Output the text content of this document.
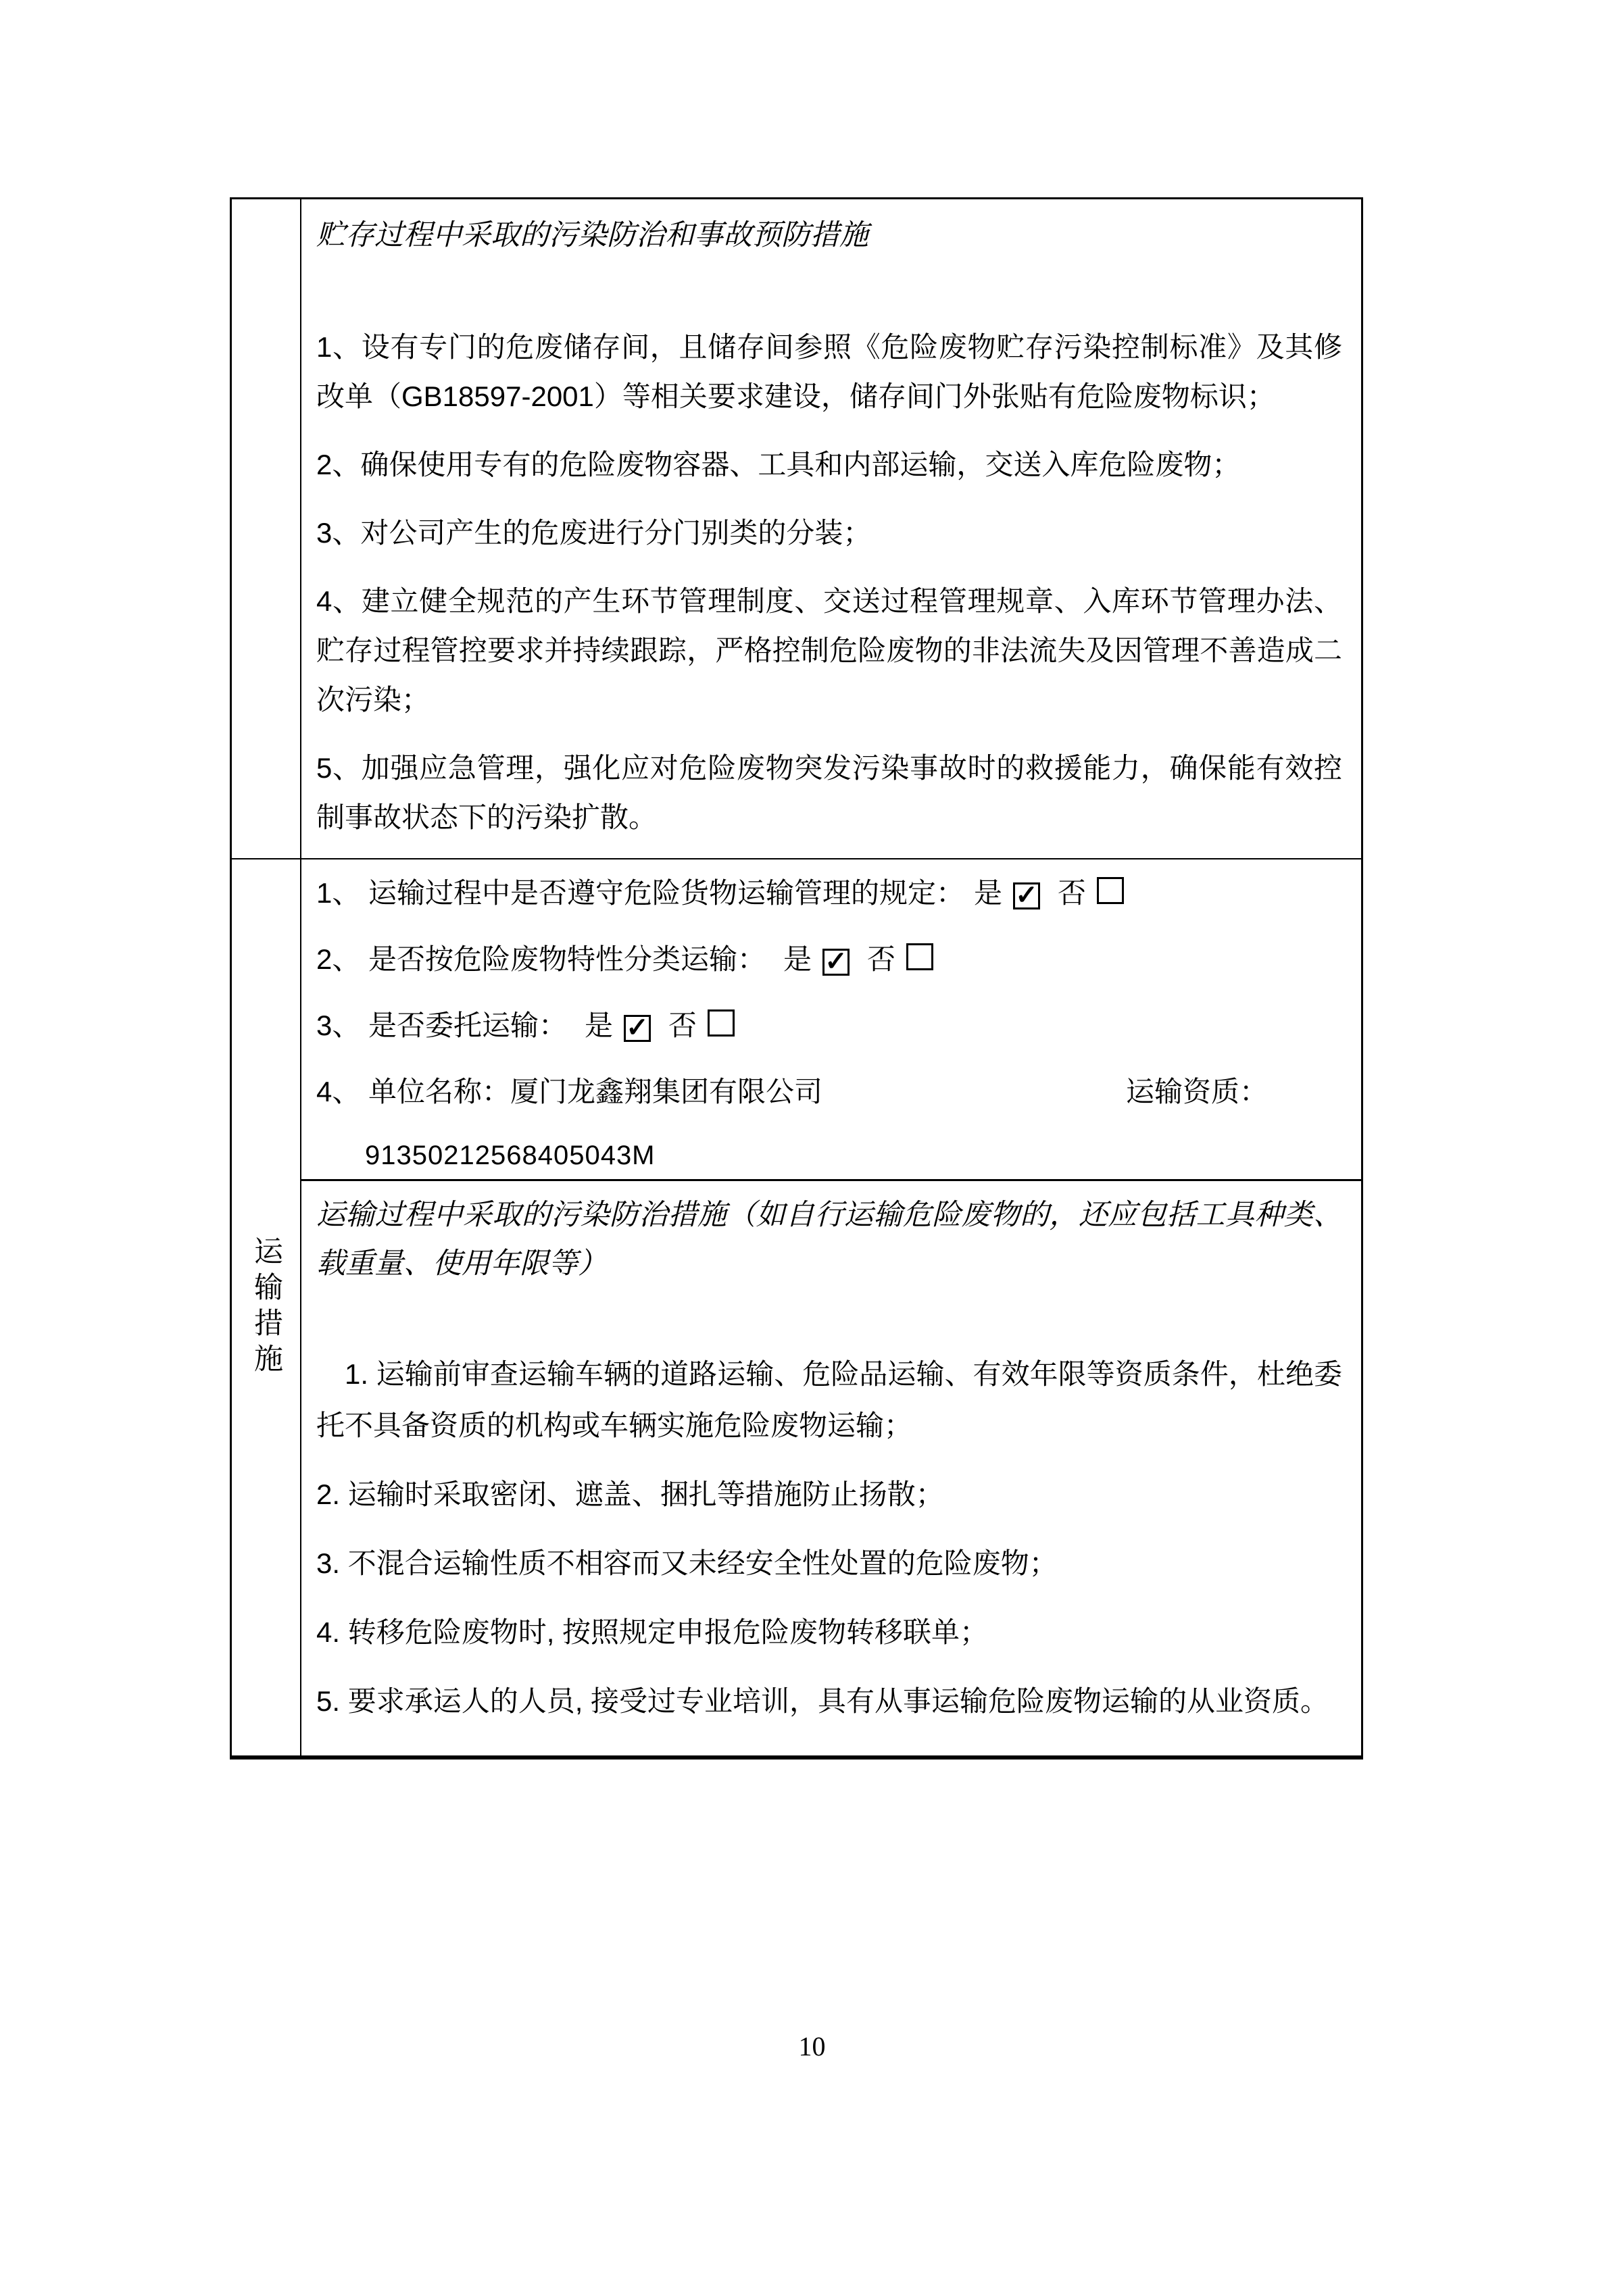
贮存过程中采取的污染防治和事故预防措施

1、设有专门的危废储存间，且储存间参照《危险废物贮存污染控制标准》及其修改单（GB18597-2001）等相关要求建设，储存间门外张贴有危险废物标识；

2、确保使用专有的危险废物容器、工具和内部运输，交送入库危险废物；

3、对公司产生的危废进行分门别类的分装；

4、建立健全规范的产生环节管理制度、交送过程管理规章、入库环节管理办法、贮存过程管控要求并持续跟踪，严格控制危险废物的非法流失及因管理不善造成二次污染；

5、加强应急管理，强化应对危险废物突发污染事故时的救援能力，确保能有效控制事故状态下的污染扩散。

运输措施

1、 运输过程中是否遵守危险货物运输管理的规定： 是 ✓ 否

2、 是否按危险废物特性分类运输： 是 ✓ 否

3、 是否委托运输： 是 ✓ 否

4、 单位名称：厦门龙鑫翔集团有限公司	运输资质：

91350212568405043M

运输过程中采取的污染防治措施（如自行运输危险废物的，还应包括工具种类、载重量、使用年限等）

1. 运输前审查运输车辆的道路运输、危险品运输、有效年限等资质条件，杜绝委托不具备资质的机构或车辆实施危险废物运输；

2. 运输时采取密闭、遮盖、捆扎等措施防止扬散；

3. 不混合运输性质不相容而又未经安全性处置的危险废物；

4. 转移危险废物时, 按照规定申报危险废物转移联单；

5. 要求承运人的人员, 接受过专业培训，具有从事运输危险废物运输的从业资质。

10
